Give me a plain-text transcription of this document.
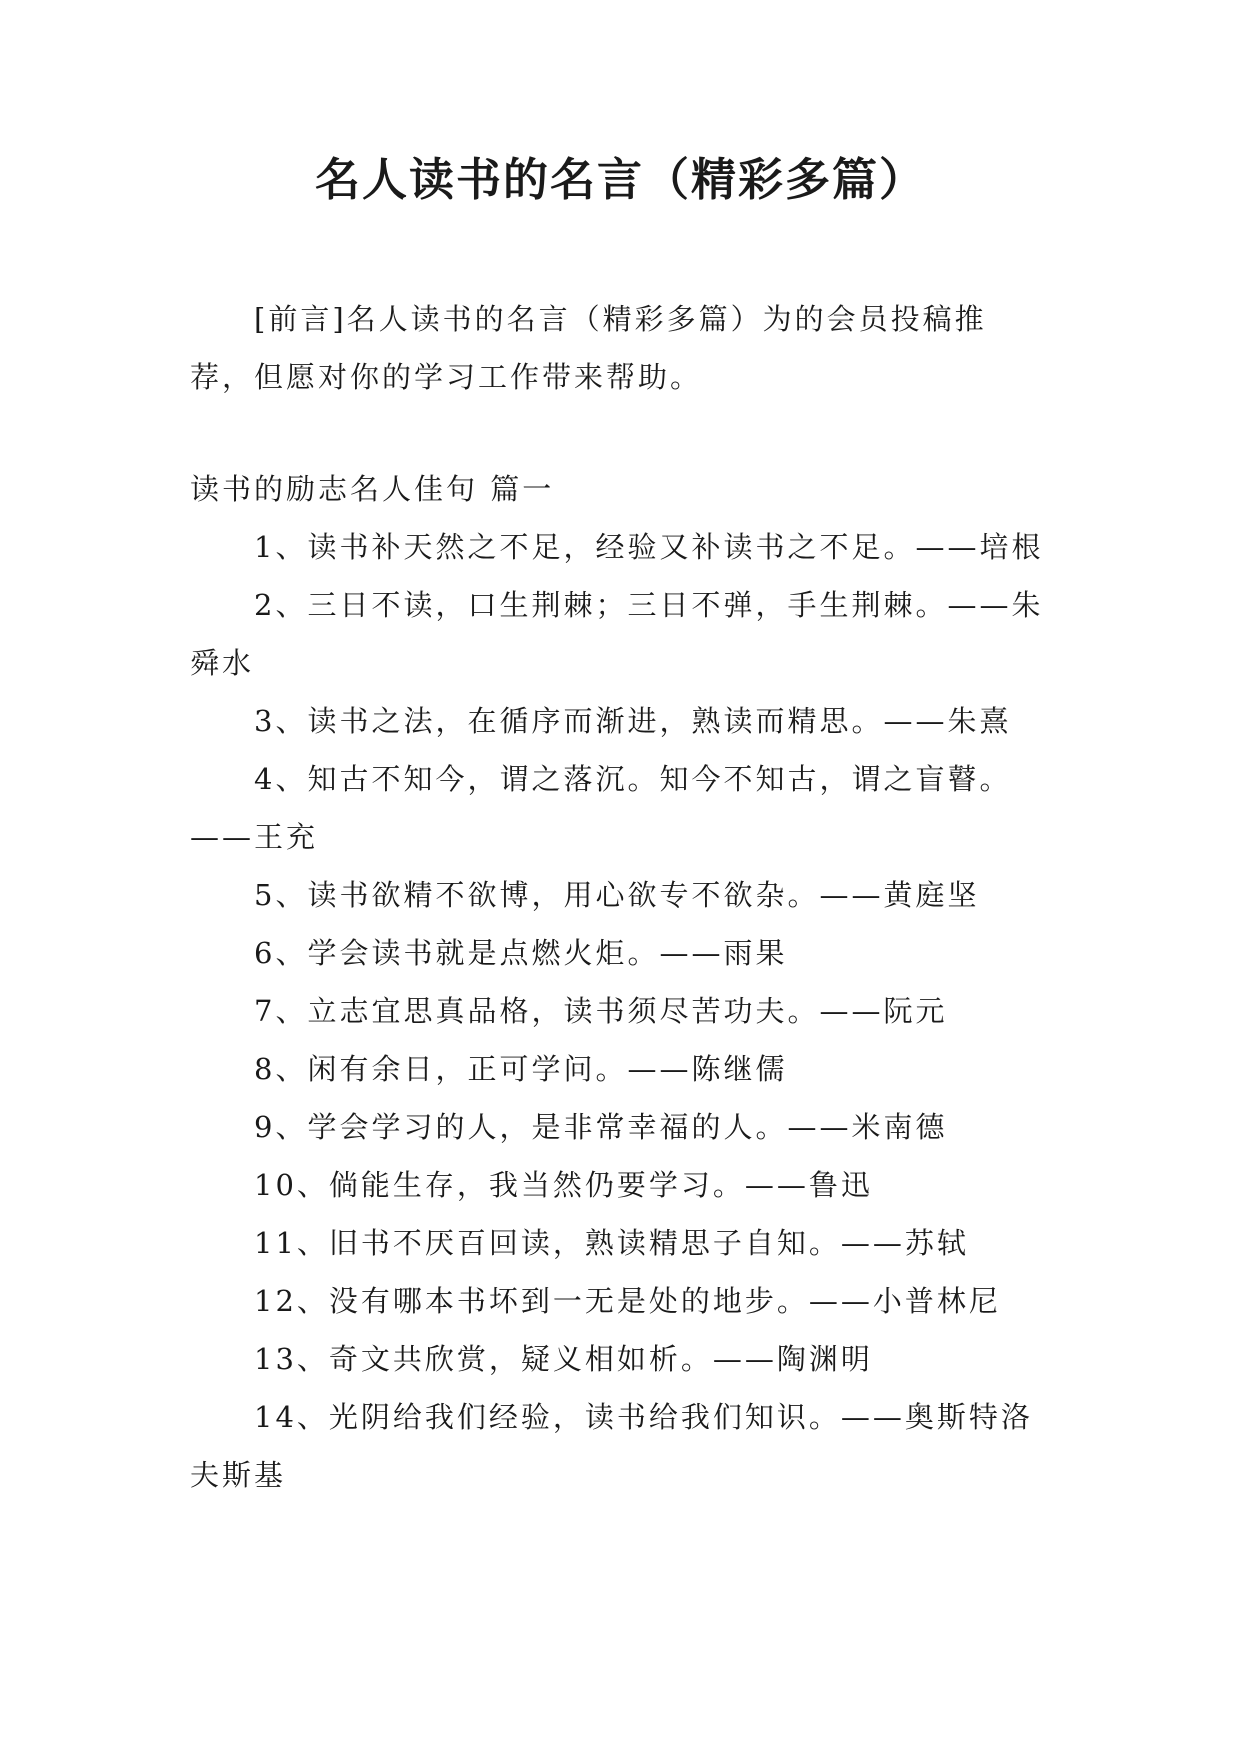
名人读书的名言（精彩多篇）

[前言]名人读书的名言（精彩多篇）为的会员投稿推荐，但愿对你的学习工作带来帮助。

读书的励志名人佳句 篇一

1、读书补天然之不足，经验又补读书之不足。——培根
2、三日不读，口生荆棘；三日不弹，手生荆棘。——朱舜水
3、读书之法，在循序而渐进，熟读而精思。——朱熹
4、知古不知今，谓之落沉。知今不知古，谓之盲瞽。——王充
5、读书欲精不欲博，用心欲专不欲杂。——黄庭坚
6、学会读书就是点燃火炬。——雨果
7、立志宜思真品格，读书须尽苦功夫。——阮元
8、闲有余日，正可学问。——陈继儒
9、学会学习的人，是非常幸福的人。——米南德
10、倘能生存，我当然仍要学习。——鲁迅
11、旧书不厌百回读，熟读精思子自知。——苏轼
12、没有哪本书坏到一无是处的地步。——小普林尼
13、奇文共欣赏，疑义相如析。——陶渊明
14、光阴给我们经验，读书给我们知识。——奥斯特洛夫斯基
